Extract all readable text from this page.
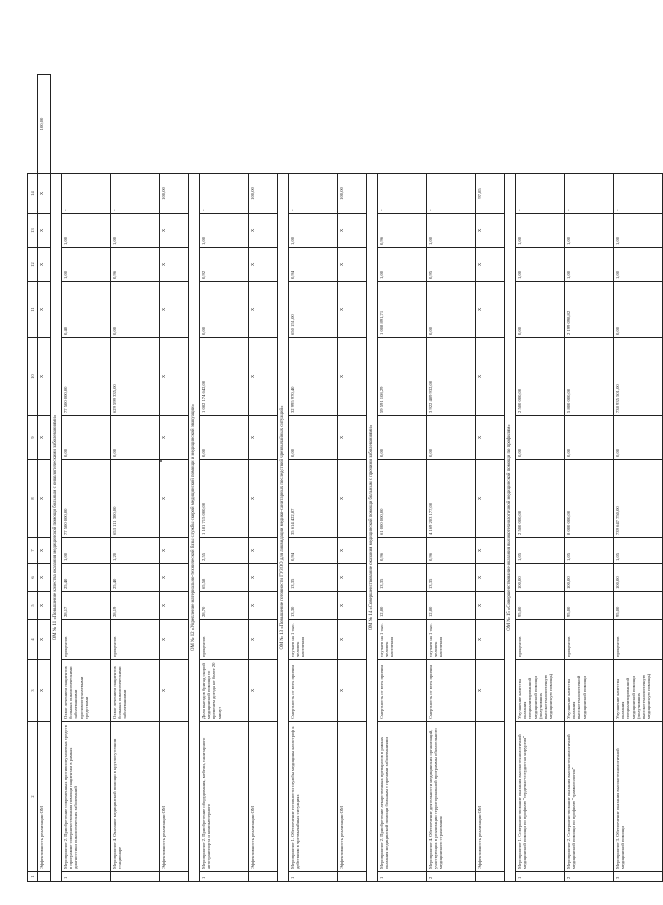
1	2	3	4	5	6	7	8	9	10	11	12	13	14	
	Эффективность реализации ОМ	Х	Х	Х	Х	Х	Х	Х	Х	Х	Х	Х	Х	100,00
ОМ № 11 «Повышение качества оказания медицинской помощи больным с онкологическими заболеваниями»														
1	Мероприятие 2. Приобретение современных противоопухолевых средств в программе совершенствования помощи пациентам в рамках диагностики онкологических заболеваний	Охват лечением пациентов больных онкологическими заболеваниями противоопухолевыми средствами	процентов	28,17	25,40	1,00	77 500 000,00	0,00	77 500 000,00	0,40	1,00	1,00	-	
	Мероприятие 4. Оказание медицинской помощи в круглосуточном стационаре	Охват лечением пациентов больных онкологическими заболеваниями	процентов	28,19	25,40	1,20	653 111 300,00	0,00	629 599 335,00	0,00	0,96	1,00	-	
	Эффективность реализации ОМ	Х	Х	Х	Х	Х	Х	Х	Х	Х	Х	Х	100,00	
ОМ № 12 «Укрепление материально-технической базы службы скорой медицинской помощи и медицинской эвакуации»														
1	Мероприятие 2. Приобретение оборудования, мебели, санитарного автотранспорта и компьютерного	Доля выездов бригад скорой медицинской помощи со временем доезда не более 20 минут	процентов	28,70	65,58	2,55	1 181 715 000,00	0,00	1 082 174 642,00	0,00	0,92	1,00	-	
	Эффективность реализации ОМ	Х	Х	Х	Х	Х	Х	Х	Х	Х	Х	Х	100,00	
ОМ № 13 «Повышение готовности ГУЗОО для ликвидации медико-санитарных последствий чрезвычайных ситуаций»														
1	Мероприятие 1. Обеспечение готовности службы медицины катастроф к действиям в чрезвычайных ситуациях	Смертность от всех причин	случаев на 1 тыс. человек населения	13,30	13,35	0,94	35 614 422,87	0,00	32 995 970,40	650 151,00	0,94	1,00	-	
	Эффективность реализации ОМ	Х	Х	Х	Х	Х	Х	Х	Х	Х	Х	Х	100,00	
ОМ № 14 «Совершенствование оказания медицинской помощи больным с прочими заболеваниями»														
1	Мероприятие 2. Приобретение лекарственных препаратов в рамках оказания медицинской помощи больным с прочими заболеваниями	Смертность от всех причин	случаев на 1 тыс. человек населения	12,80	13,35	0,96	61 000 000,00	0,00	59 591 108,29	1 008 891,71	1,00	0,96	-	
2	Мероприятие 4. Обеспечение деятельности медицинских организаций, участвующих в реализации территориальной программы обязательного медицинского страхования	Смертность от всех причин	случаев на 1 тыс. человек населения	12,80	13,35	0,96	4 169 203 177,00	0,00	3 922 489 932,00	0,00	0,95	1,00	-	
	Эффективность реализации ОМ	Х	Х	Х	Х	Х	Х	Х	Х	Х	Х	Х	97,85	
ОМ № 15 «Совершенствование оказания высокотехнологичной медицинской помощи по профилям»														
1	Мероприятие 1. Совершенствование оказания высокотехнологичной медицинской помощи по профилю "сердечно-сосудистая хирургия"	Улучшение качества оказания специализированной медицинской помощи (получивших высокотехнологичную медицинскую помощь)	процентов	95,00	100,00	1,05	2 500 000,00	0,00	2 500 000,00	0,00	1,00	1,00	-	
2	Мероприятие 2. Совершенствование оказания высокотехнологичной медицинской помощи по профилю "травматология"	Улучшение качества оказания высокотехнологичной медицинской помощи	процентов	95,00	100,00	1,05	8 000 000,00	0,00	5 800 000,00	2 199 098,82	1,00	1,00	-	
3	Мероприятие 3. Обеспечение оказания высокотехнологичной медицинской помощи	Улучшение качества оказания специализированной медицинской помощи (получивших высокотехнологичную медицинскую помощь)	процентов	95,00	100,00	1,05	739 647 750,00	0,00	738 935 501,00	0,00	1,00	1,00	-	
